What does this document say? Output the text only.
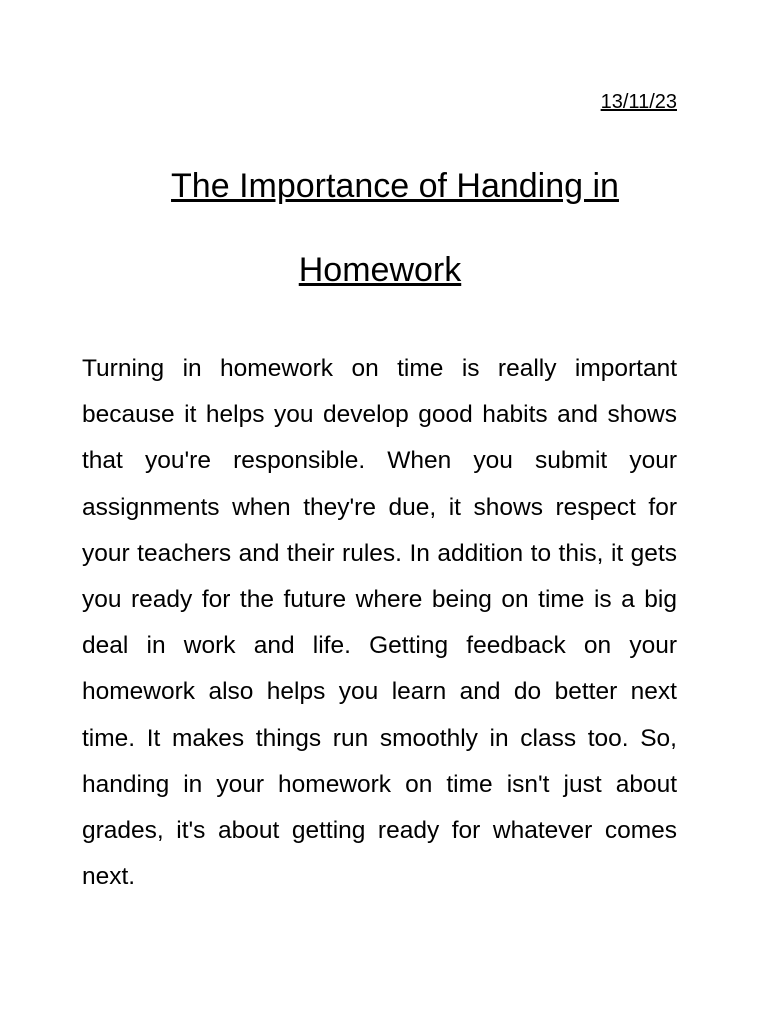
13/11/23
The Importance of Handing in
Homework

Turning in homework on time is really important because it helps you develop good habits and shows that you're responsible. When you submit your assignments when they're due, it shows respect for your teachers and their rules. In addition to this, it gets you ready for the future where being on time is a big deal in work and life. Getting feedback on your homework also helps you learn and do better next time. It makes things run smoothly in class too. So, handing in your homework on time isn't just about grades, it's about getting ready for whatever comes next.
